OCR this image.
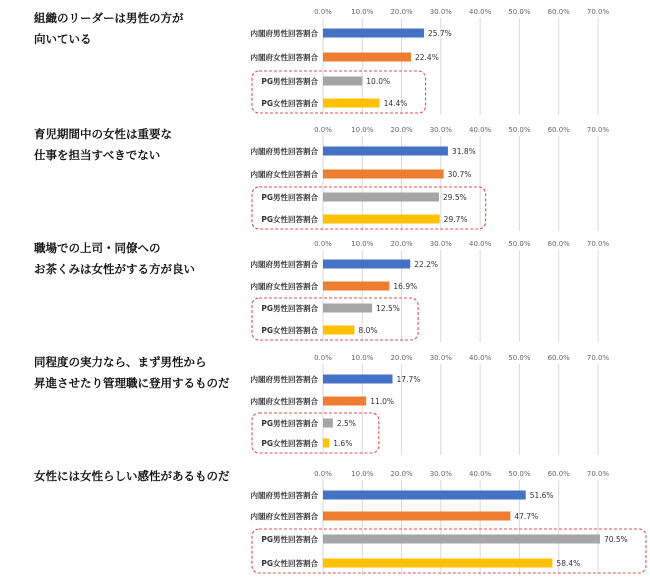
組織のリーダーは男性の方が
向いている
育児期間中の女性は重要な
仕事を担当すべきでない
職場での上司・同僚への
お茶くみは女性がする方が良い
同程度の実力なら、まず男性から
昇進させたり管理職に登用するものだ
女性には女性らしい感性があるものだ
0.0%	10.0% 20.0% 30.0% 40.0% 50.0% 60.0% 70.0%
内閣府男性回答割合	25.7%
内閣府女性回答割合	22.4%
PG男性回答割合	10.0%
PG女性回答割合	14.4%
0.0%	10.0% 20.0% 30.0% 40.0% 50.0% 60.0% 70.0%
内閣府男性回答割合	31.8%
内閣府女性回答割合	30.7%
PG男性回答割合	29.5%
PG女性回答割合	29.7%
0.0%	10.0% 20.0% 30.0% 40.0% 50.0% 60.0% 70.0%
内閣府男性回答割合	22.2%
内閣府女性回答割合	16.9%
PG男性回答割合	12.5%
PG女性回答割合	8.0%
0.0%	10.0% 20.0% 30.0% 40.0% 50.0% 60.0% 70.0%
内閣府男性回答割合	17.7%
内閣府女性回答割合	11.0%
PG男性回答割合	2.5%
PG女性回答割合 1.6%
0.0%	10.0% 20.0% 30.0% 40.0% 50.0% 60.0% 70.0%
内閣府男性回答割合	51.6%
内閣府女性回答割合	47.7%
PG男性回答割合	70.5%
PG女性回答割合	58.4%
